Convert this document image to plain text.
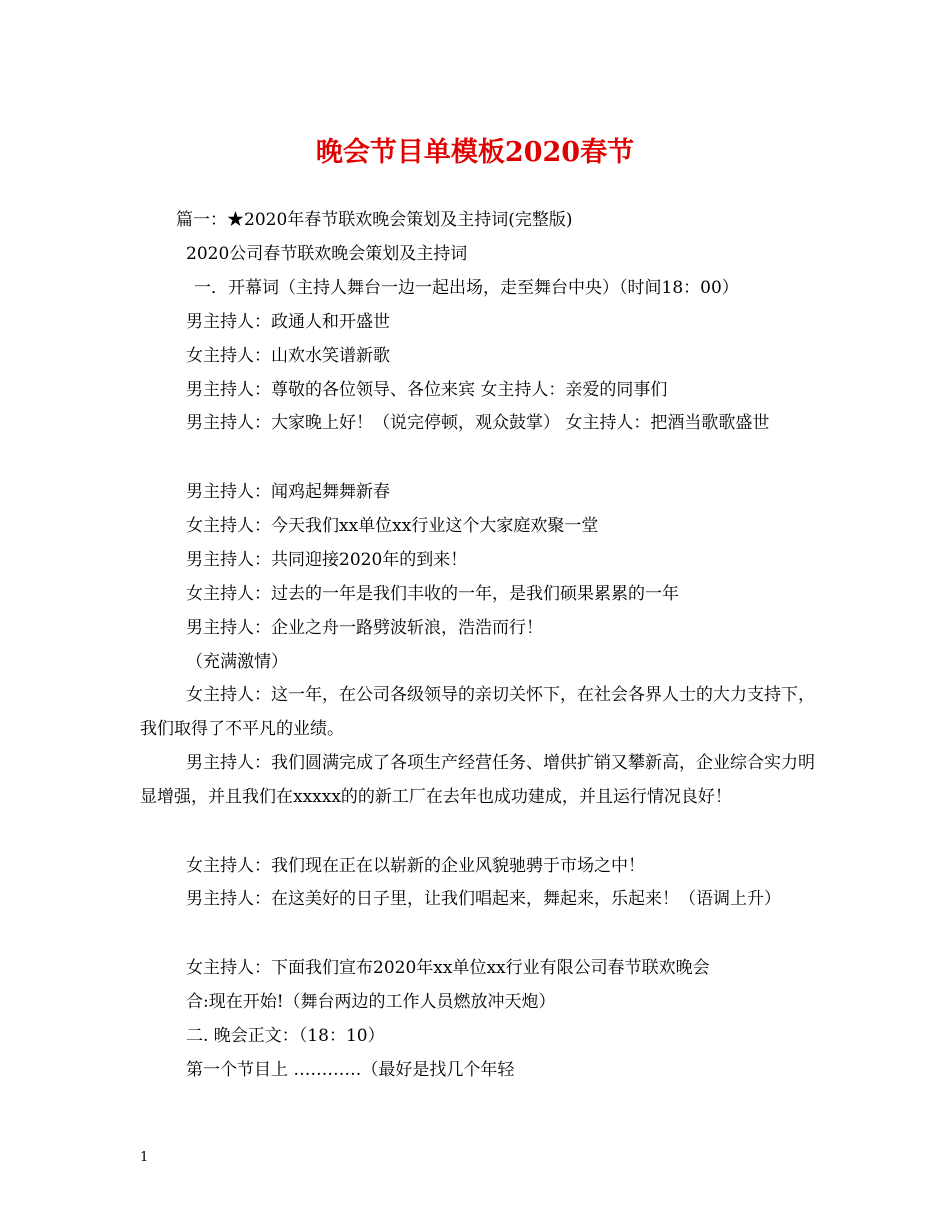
晚会节目单模板2020春节
篇一：★2020年春节联欢晚会策划及主持词(完整版)
2020公司春节联欢晚会策划及主持词
一．开幕词（主持人舞台一边一起出场，走至舞台中央）（时间18：00）
男主持人：政通人和开盛世
女主持人：山欢水笑谱新歌
男主持人：尊敬的各位领导、各位来宾 女主持人：亲爱的同事们
男主持人：大家晚上好！（说完停顿，观众鼓掌） 女主持人：把酒当歌歌盛世
男主持人：闻鸡起舞舞新春
女主持人：今天我们xx单位xx行业这个大家庭欢聚一堂
男主持人：共同迎接2020年的到来！
女主持人：过去的一年是我们丰收的一年，是我们硕果累累的一年
男主持人：企业之舟一路劈波斩浪，浩浩而行！
（充满激情）
女主持人：这一年，在公司各级领导的亲切关怀下，在社会各界人士的大力支持下，我们取得了不平凡的业绩。
男主持人：我们圆满完成了各项生产经营任务、增供扩销又攀新高，企业综合实力明显增强，并且我们在xxxxx的的新工厂在去年也成功建成，并且运行情况良好！
女主持人：我们现在正在以崭新的企业风貌驰骋于市场之中！
男主持人：在这美好的日子里，让我们唱起来，舞起来，乐起来！（语调上升）
女主持人：下面我们宣布2020年xx单位xx行业有限公司春节联欢晚会
合:现在开始!（舞台两边的工作人员燃放冲天炮）
二. 晚会正文：（18：10）
第一个节目上 …………（最好是找几个年轻
1
